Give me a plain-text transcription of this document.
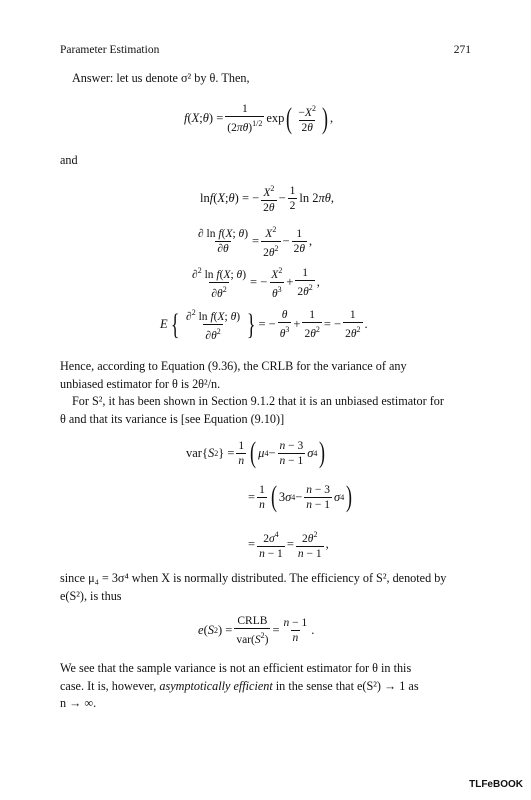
Parameter Estimation	271
Answer: let us denote σ² by θ. Then,
f ( X ; θ ) = $\frac{1}{(2\pi\theta)^{1/2}}$ exp ( $\frac{-X^2}{2\theta}$ ) ,
and
ln f ( X ; θ ) = − $\frac{X^2}{2\theta} - \frac{1}{2}$ ln 2 πθ ,
$\frac{\text{∂ ln f(X; θ)}}{\partial\theta} = \frac{X^2}{2\theta^2} - \frac{1}{2\theta}$ ,
$\frac{\partial^2 \ln f(X; \theta)}{\partial\theta^2}$ = − $\frac{X^2}{\theta^3} + \frac{1}{2\theta^2}$ ,
E { $\frac{\partial^2 \ln f(X; \theta)}{\partial\theta^2}$ } = − $\frac{\theta}{\theta^3} + \frac{1}{2\theta^2}$ = − $\frac{1}{2\theta^2}$ .
Hence, according to Equation (9.36), the CRLB for the variance of any
unbiased estimator for θ is 2θ²/n.
For S², it has been shown in Section 9.1.2 that it is an unbiased estimator for
θ and that its variance is [see Equation (9.10)]
var{ S 2 } = $\frac{1}{n}$ ( μ $4 - \frac{n - 3}{n - 1}$ σ 4 )
= $\frac{1}{n}$ ( 3 σ $4 - \frac{n - 3}{n - 1}$ σ 4 )
= $\frac{2\sigma^4}{n - 1} = \frac{2\theta^2}{n - 1}$ ,
since μ₄ = 3σ⁴ when X is normally distributed. The efficiency of S², denoted by
e(S²), is thus
e ( S 2 ) = $\frac{\text{CRLB}}{var(S^2)} = \frac{n - 1}{n}$ .
We see that the sample variance is not an efficient estimator for θ in this
case. It is, however, asymptotically efficient in the sense that e(S²) → 1 as
n → ∞.
TLFeBOOK
